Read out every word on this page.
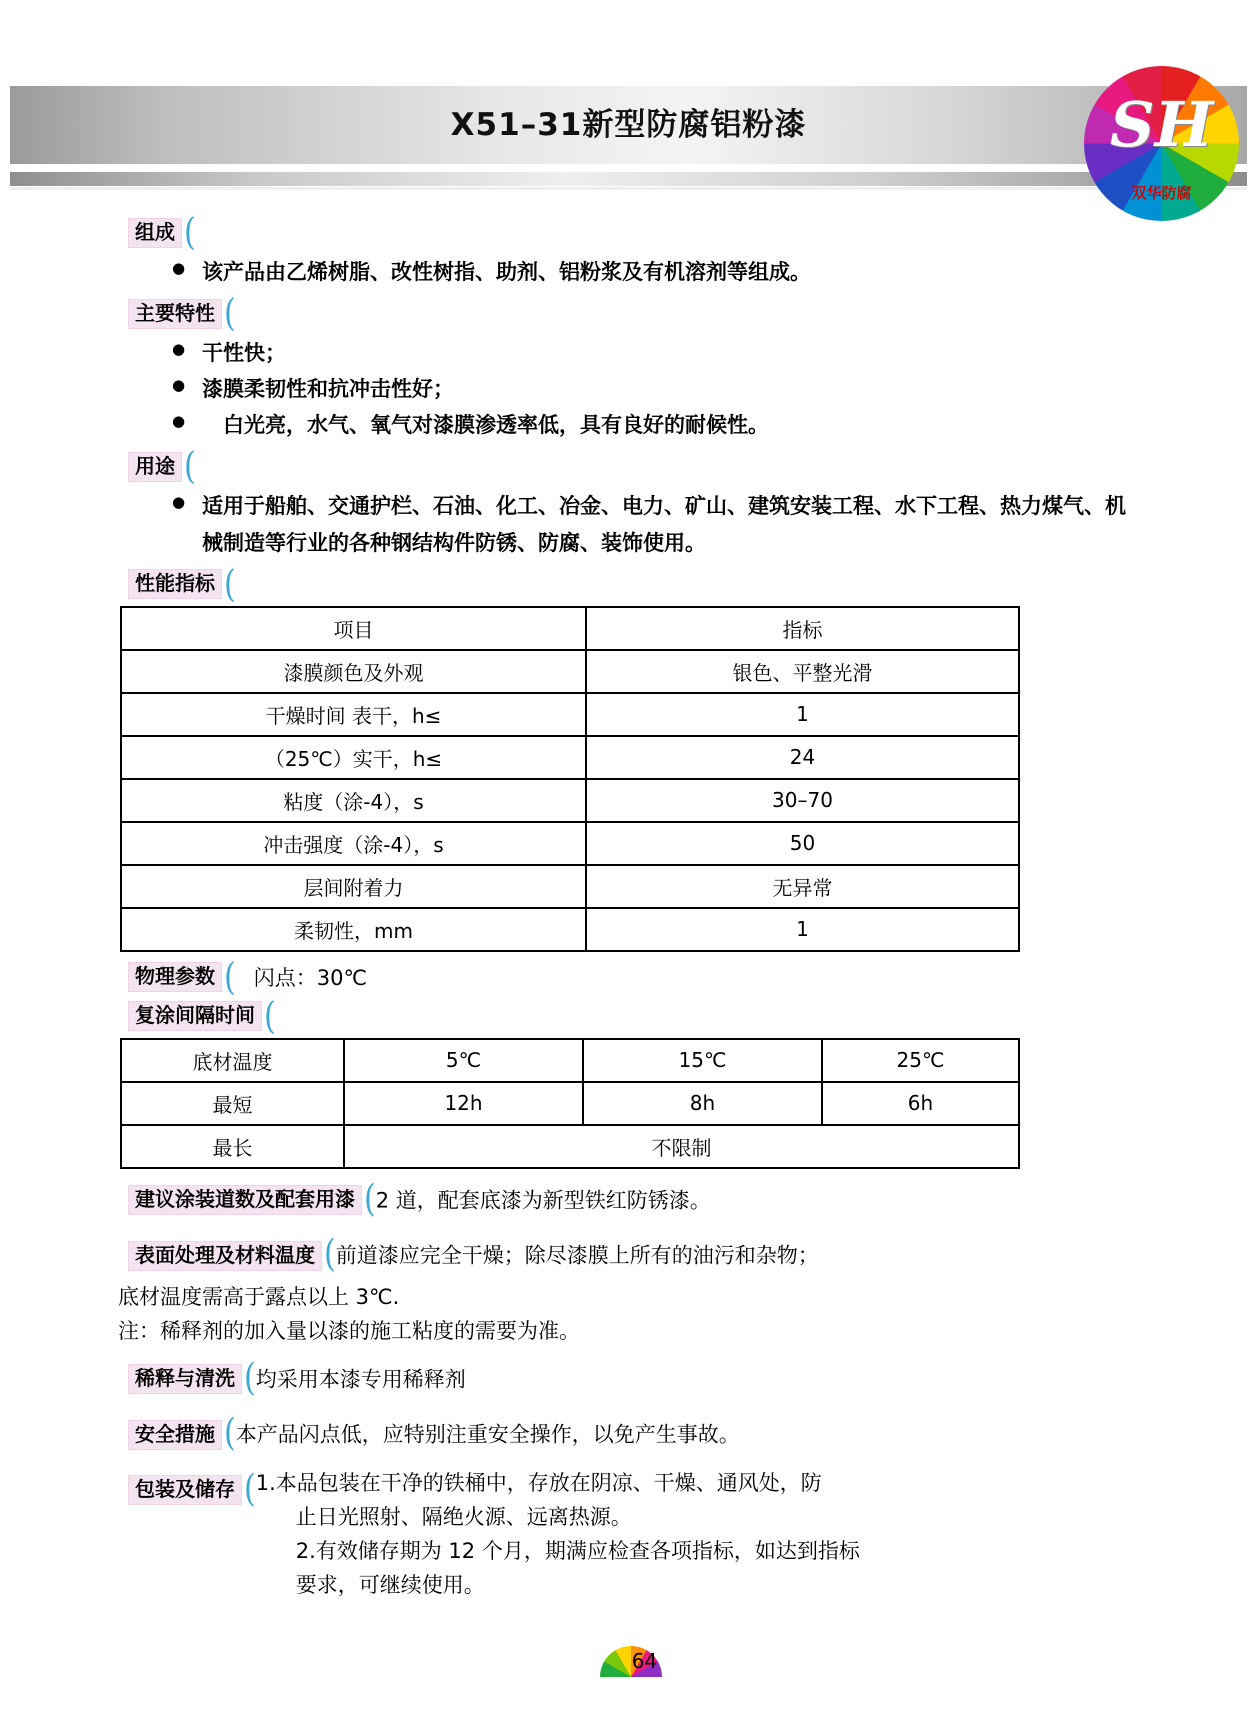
X51–31新型防腐铝粉漆	SH
双华防腐
组成 (
● 该产品由乙烯树脂、改性树指、助剂、铝粉浆及有机溶剂等组成。
主要特性 (
● 干性快；
● 漆膜柔韧性和抗冲击性好；
● 　白光亮，水气、氧气对漆膜渗透率低，具有良好的耐候性。
用途 (
● 适用于船舶、交通护栏、石油、化工、冶金、电力、矿山、建筑安装工程、水下工程、热力煤气、机械制造等行业的各种钢结构件防锈、防腐、装饰使用。
性能指标 (
项目	指标
漆膜颜色及外观	银色、平整光滑
干燥时间 表干，h≤	1
（25℃）实干，h≤	24
粘度（涂-4），s	30–70
冲击强度（涂-4），s	50
层间附着力	无异常
柔韧性，mm	1
物理参数 ( 闪点：30℃
复涂间隔时间 (
底材温度	5℃	15℃	25℃
最短	12h	8h	6h
最长	不限制		
建议涂装道数及配套用漆 (2 道，配套底漆为新型铁红防锈漆。
表面处理及材料温度 (前道漆应完全干燥；除尽漆膜上所有的油污和杂物；
底材温度需高于露点以上 3℃.
注：稀释剂的加入量以漆的施工粘度的需要为准。
稀释与清洗 (均采用本漆专用稀释剂
安全措施 (本产品闪点低，应特别注重安全操作，以免产生事故。
包装及储存 (1.本品包装在干净的铁桶中，存放在阴凉、干燥、通风处，防
止日光照射、隔绝火源、远离热源。
2.有效储存期为 12 个月，期满应检查各项指标，如达到指标
要求，可继续使用。
64
